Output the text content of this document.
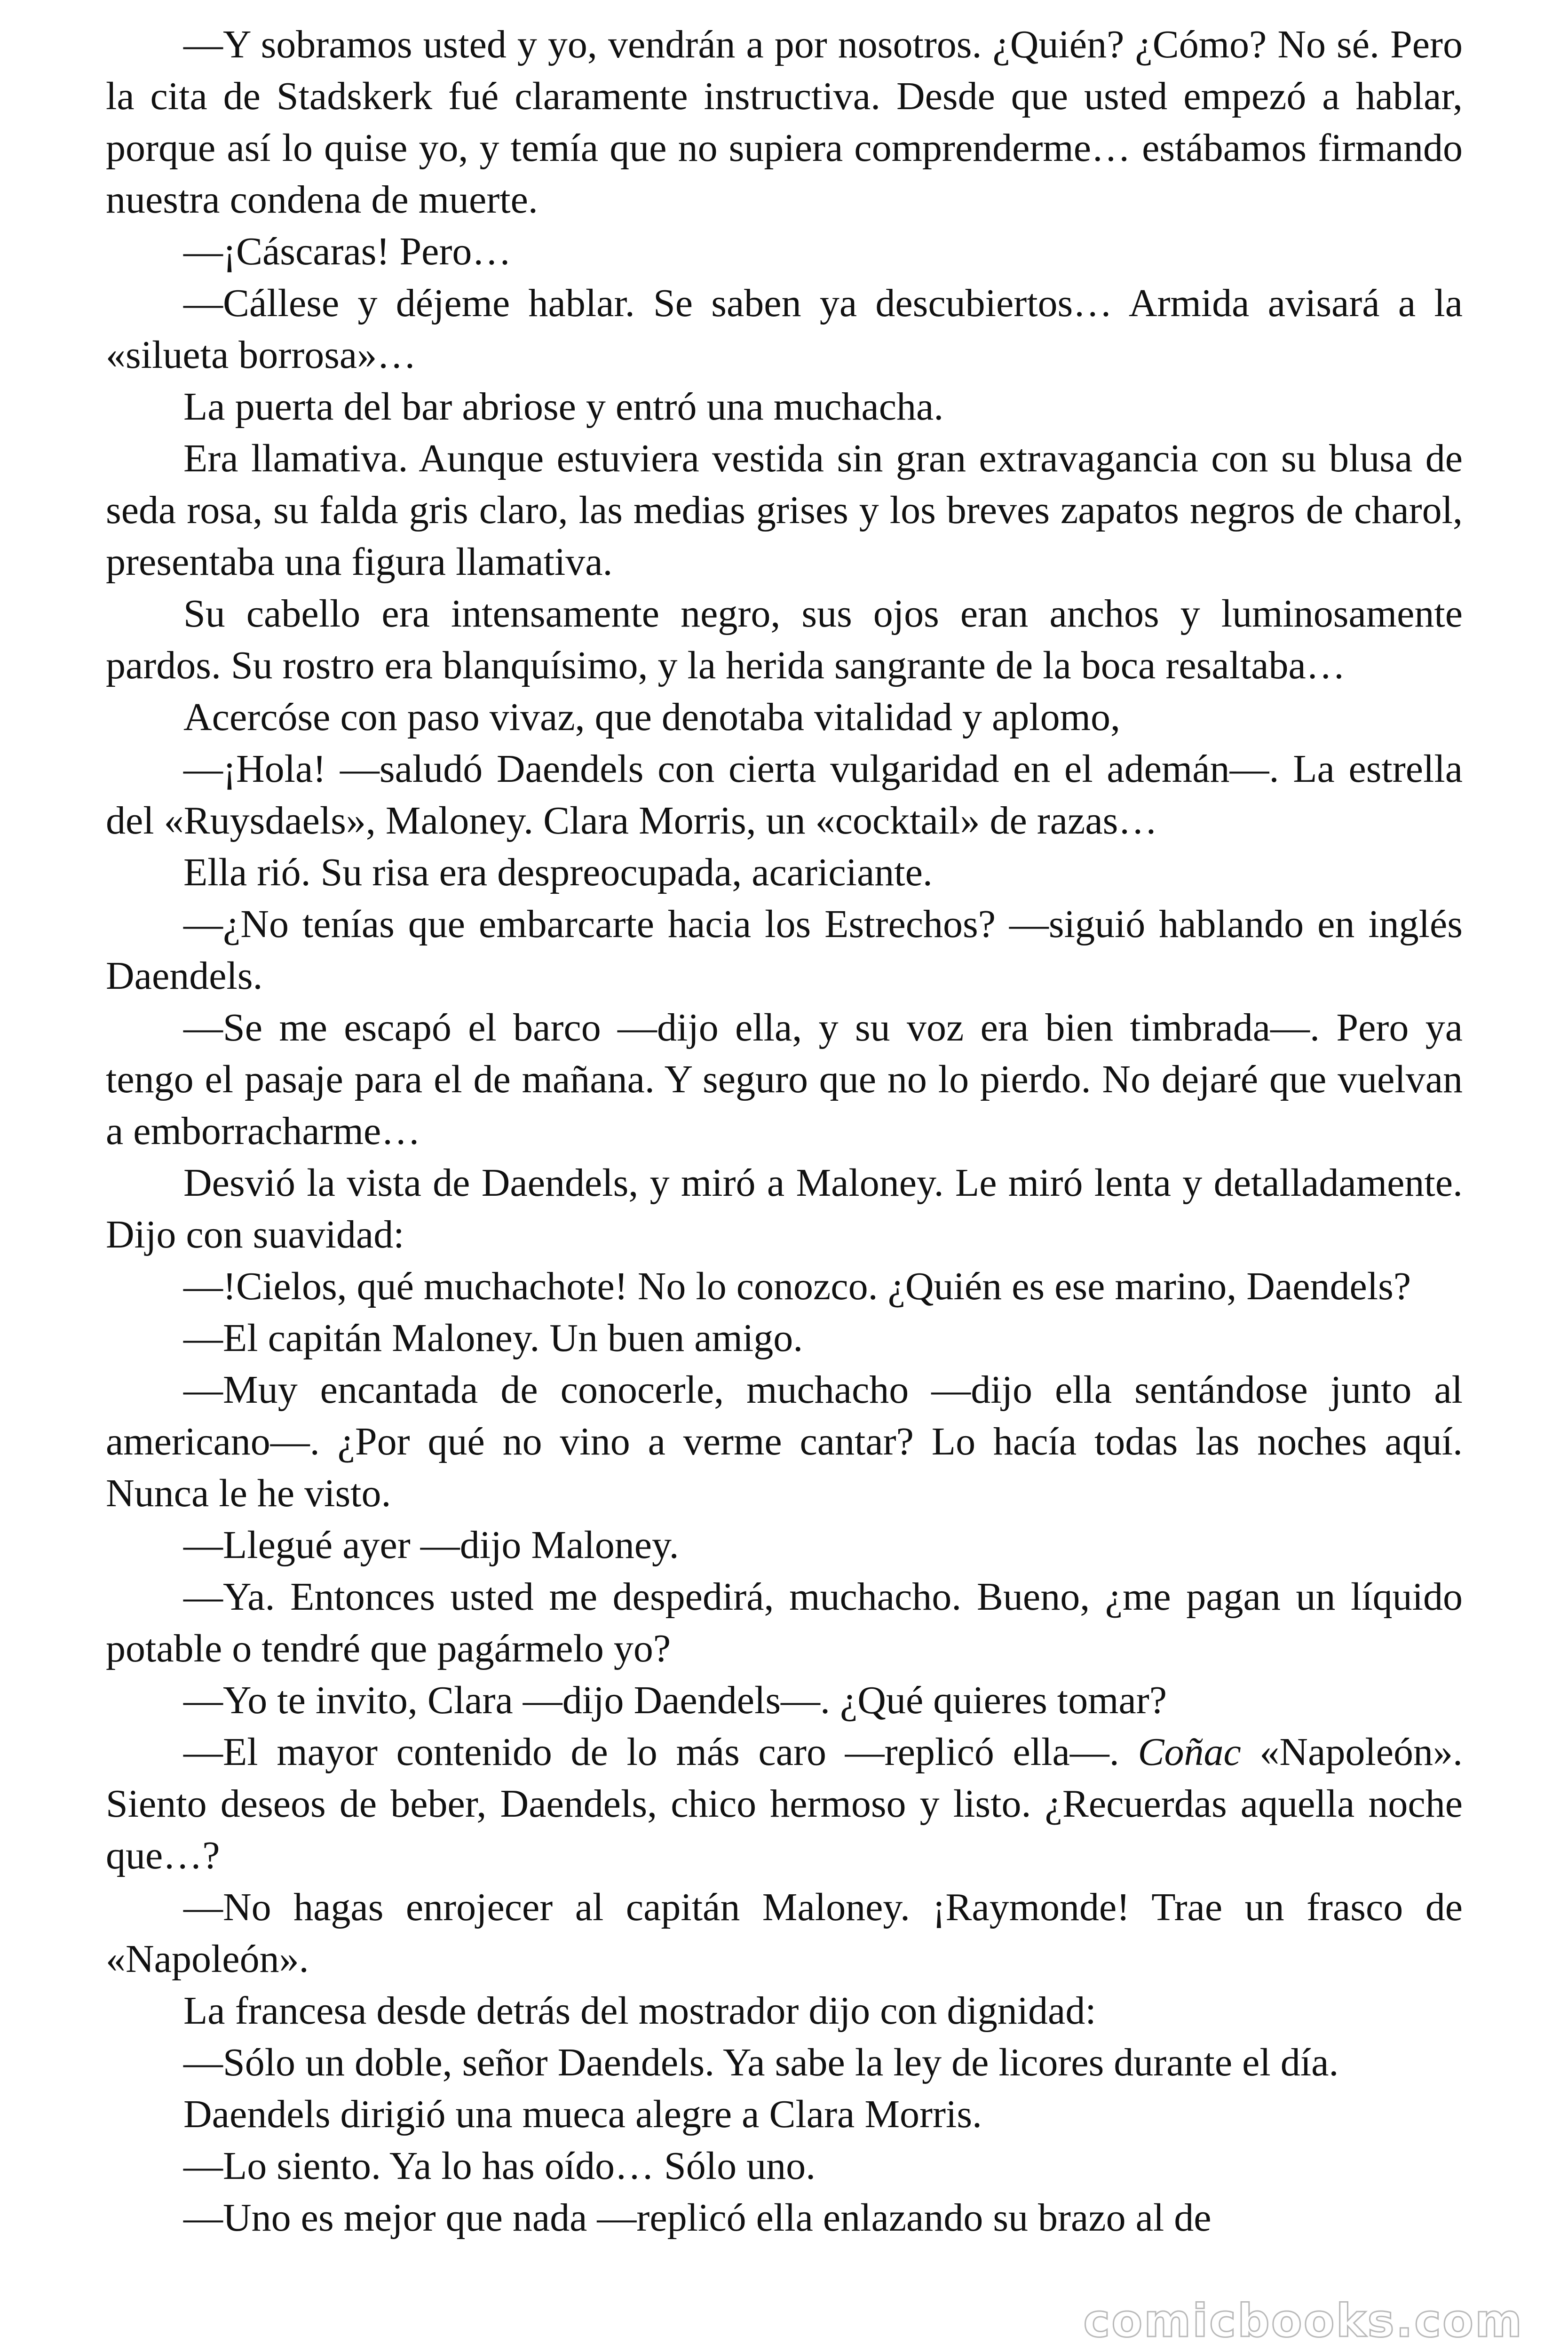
—Y sobramos usted y yo, vendrán a por nosotros. ¿Quién? ¿Cómo? No sé. Pero la cita de Stadskerk fué claramente instructiva. Desde que usted empezó a hablar, porque así lo quise yo, y temía que no supiera comprenderme… estábamos firmando nuestra condena de muerte.

—¡Cáscaras! Pero…

—Cállese y déjeme hablar. Se saben ya descubiertos… Armida avisará a la «silueta borrosa»…

La puerta del bar abriose y entró una muchacha.

Era llamativa. Aunque estuviera vestida sin gran extravagancia con su blusa de seda rosa, su falda gris claro, las medias grises y los breves zapatos negros de charol, presentaba una figura llamativa.

Su cabello era intensamente negro, sus ojos eran anchos y luminosamente pardos. Su rostro era blanquísimo, y la herida sangrante de la boca resaltaba…

Acercóse con paso vivaz, que denotaba vitalidad y aplomo,

—¡Hola! —saludó Daendels con cierta vulgaridad en el ademán—. La estrella del «Ruysdaels», Maloney. Clara Morris, un «cocktail» de razas…

Ella rió. Su risa era despreocupada, acariciante.

—¿No tenías que embarcarte hacia los Estrechos? —siguió hablando en inglés Daendels.

—Se me escapó el barco —dijo ella, y su voz era bien timbrada—. Pero ya tengo el pasaje para el de mañana. Y seguro que no lo pierdo. No dejaré que vuelvan a emborracharme…

Desvió la vista de Daendels, y miró a Maloney. Le miró lenta y detalladamente. Dijo con suavidad:

—!Cielos, qué muchachote! No lo conozco. ¿Quién es ese marino, Daendels?

—El capitán Maloney. Un buen amigo.

—Muy encantada de conocerle, muchacho —dijo ella sentándose junto al americano—. ¿Por qué no vino a verme cantar? Lo hacía todas las noches aquí. Nunca le he visto.

—Llegué ayer —dijo Maloney.

—Ya. Entonces usted me despedirá, muchacho. Bueno, ¿me pagan un líquido potable o tendré que pagármelo yo?

—Yo te invito, Clara —dijo Daendels—. ¿Qué quieres tomar?

—El mayor contenido de lo más caro —replicó ella—. Coñac «Napoleón». Siento deseos de beber, Daendels, chico hermoso y listo. ¿Recuerdas aquella noche que…?

—No hagas enrojecer al capitán Maloney. ¡Raymonde! Trae un frasco de «Napoleón».

La francesa desde detrás del mostrador dijo con dignidad:

—Sólo un doble, señor Daendels. Ya sabe la ley de licores durante el día.

Daendels dirigió una mueca alegre a Clara Morris.

—Lo siento. Ya lo has oído… Sólo uno.

—Uno es mejor que nada —replicó ella enlazando su brazo al de

comicbooks.com
